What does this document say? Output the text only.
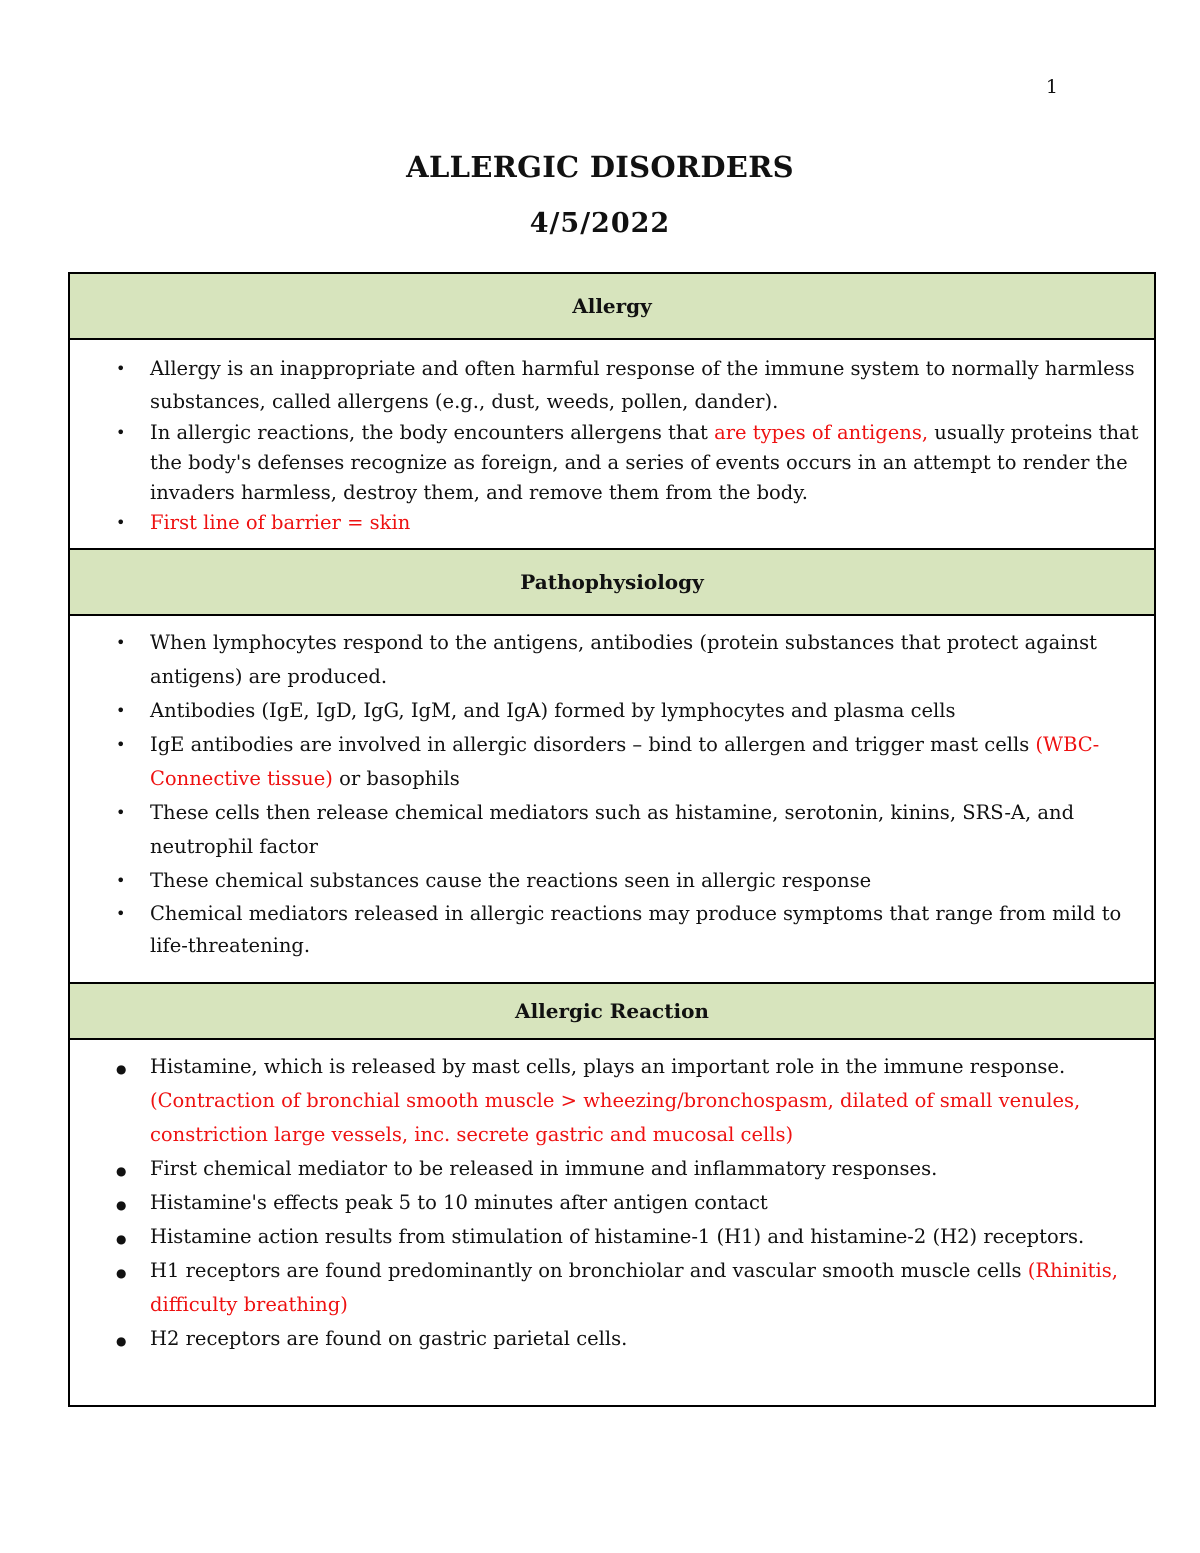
1
ALLERGIC DISORDERS
4/5/2022
Allergy
• Allergy is an inappropriate and often harmful response of the immune system to normally harmless substances, called allergens (e.g., dust, weeds, pollen, dander).
• In allergic reactions, the body encounters allergens that are types of antigens, usually proteins that the body's defenses recognize as foreign, and a series of events occurs in an attempt to render the invaders harmless, destroy them, and remove them from the body.
• First line of barrier = skin
Pathophysiology
• When lymphocytes respond to the antigens, antibodies (protein substances that protect against antigens) are produced.
• Antibodies (IgE, IgD, IgG, IgM, and IgA) formed by lymphocytes and plasma cells
• IgE antibodies are involved in allergic disorders – bind to allergen and trigger mast cells (WBC- Connective tissue) or basophils
• These cells then release chemical mediators such as histamine, serotonin, kinins, SRS-A, and neutrophil factor
• These chemical substances cause the reactions seen in allergic response
• Chemical mediators released in allergic reactions may produce symptoms that range from mild to life-threatening.
Allergic Reaction
● Histamine, which is released by mast cells, plays an important role in the immune response. (Contraction of bronchial smooth muscle > wheezing/bronchospasm, dilated of small venules, constriction large vessels, inc. secrete gastric and mucosal cells)
● First chemical mediator to be released in immune and inflammatory responses.
● Histamine's effects peak 5 to 10 minutes after antigen contact
● Histamine action results from stimulation of histamine-1 (H1) and histamine-2 (H2) receptors.
● H1 receptors are found predominantly on bronchiolar and vascular smooth muscle cells (Rhinitis, difficulty breathing)
● H2 receptors are found on gastric parietal cells.
